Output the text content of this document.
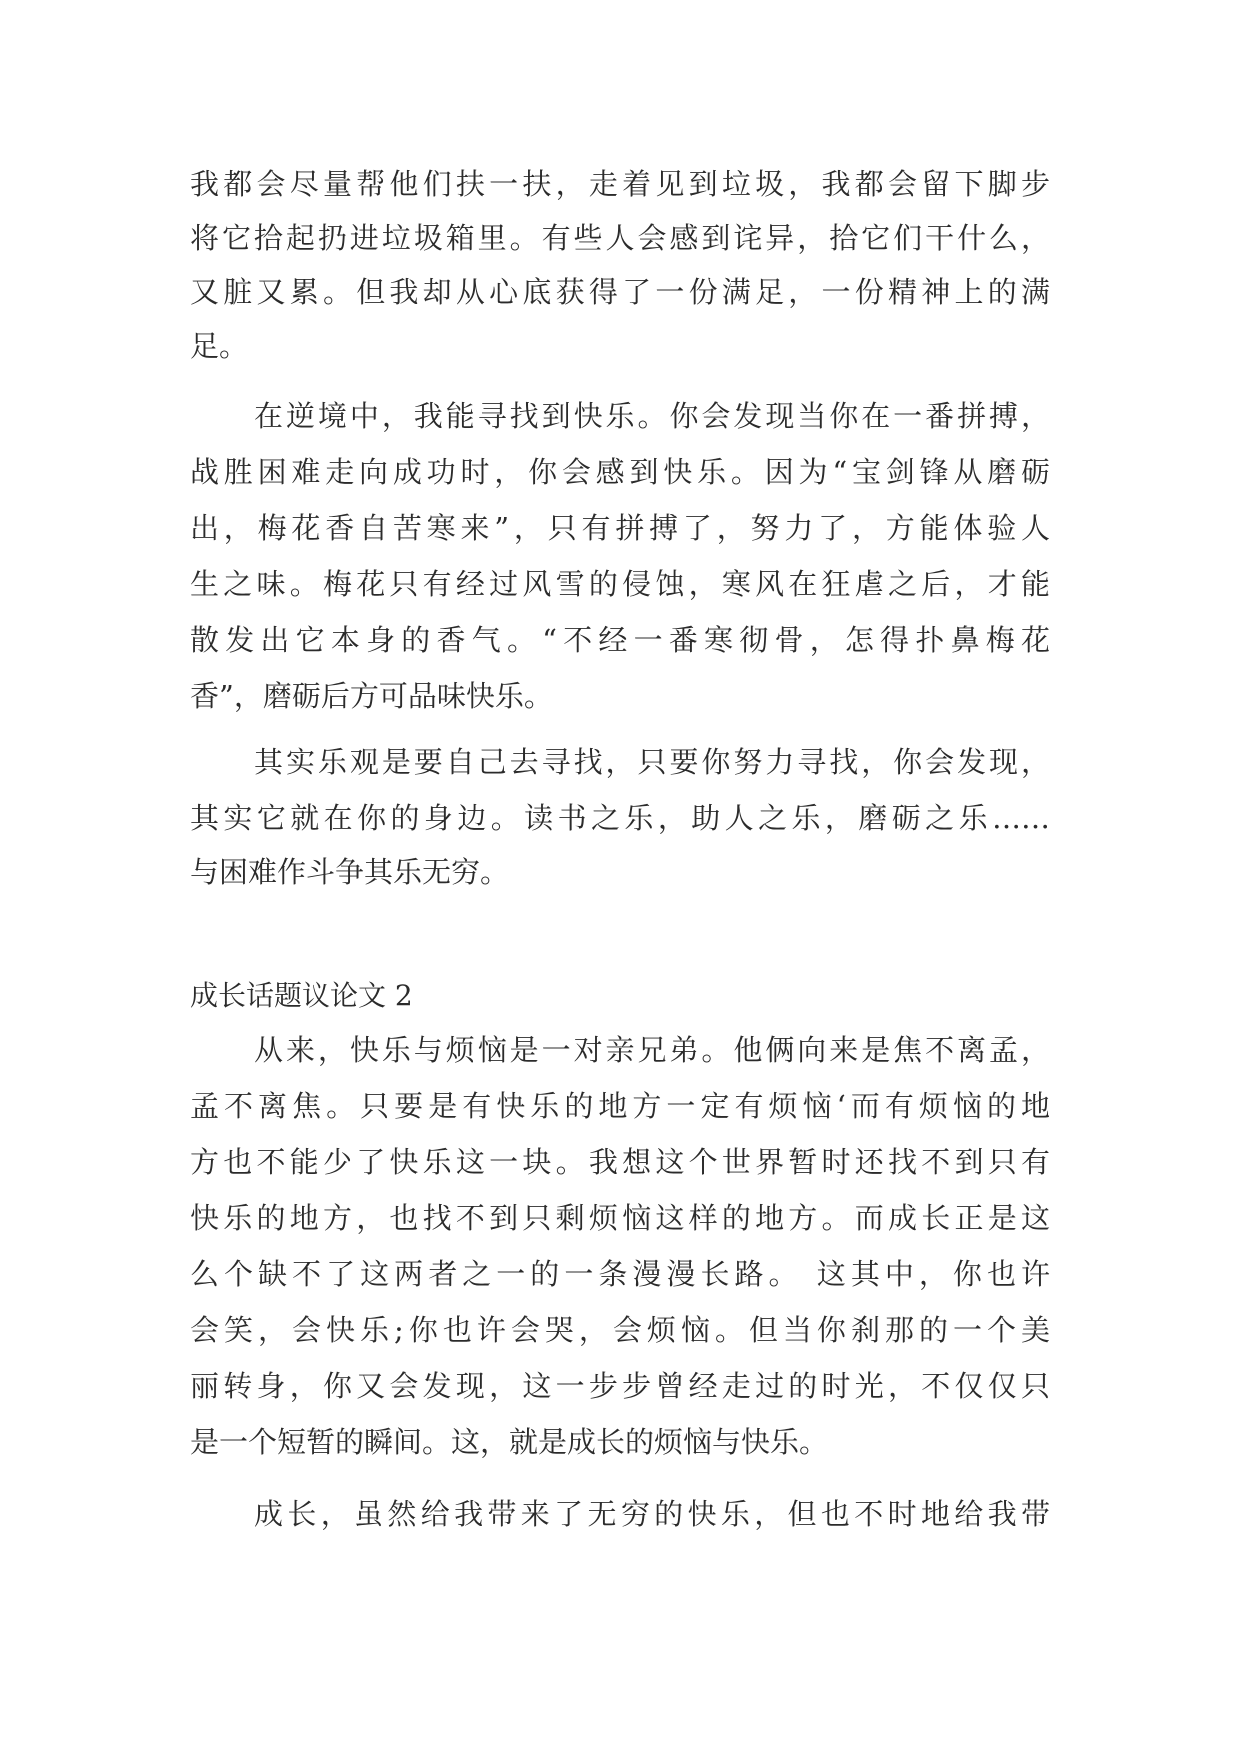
我都会尽量帮他们扶一扶，走着见到垃圾，我都会留下脚步
将它拾起扔进垃圾箱里。有些人会感到诧异，拾它们干什么，
又脏又累。但我却从心底获得了一份满足，一份精神上的满
足。
在逆境中，我能寻找到快乐。你会发现当你在一番拼搏，
战胜困难走向成功时，你会感到快乐。因为“宝剑锋从磨砺
出，梅花香自苦寒来”，只有拼搏了，努力了，方能体验人
生之味。梅花只有经过风雪的侵蚀，寒风在狂虐之后，才能
散发出它本身的香气。“不经一番寒彻骨，怎得扑鼻梅花
香”，磨砺后方可品味快乐。
其实乐观是要自己去寻找，只要你努力寻找，你会发现，
其实它就在你的身边。读书之乐，助人之乐，磨砺之乐……
与困难作斗争其乐无穷。
成长话题议论文 2
从来，快乐与烦恼是一对亲兄弟。他俩向来是焦不离孟，
孟不离焦。只要是有快乐的地方一定有烦恼‘而有烦恼的地
方也不能少了快乐这一块。我想这个世界暂时还找不到只有
快乐的地方，也找不到只剩烦恼这样的地方。而成长正是这
么个缺不了这两者之一的一条漫漫长路。 这其中，你也许
会笑，会快乐;你也许会哭，会烦恼。但当你刹那的一个美
丽转身，你又会发现，这一步步曾经走过的时光，不仅仅只
是一个短暂的瞬间。这，就是成长的烦恼与快乐。
成长，虽然给我带来了无穷的快乐，但也不时地给我带
